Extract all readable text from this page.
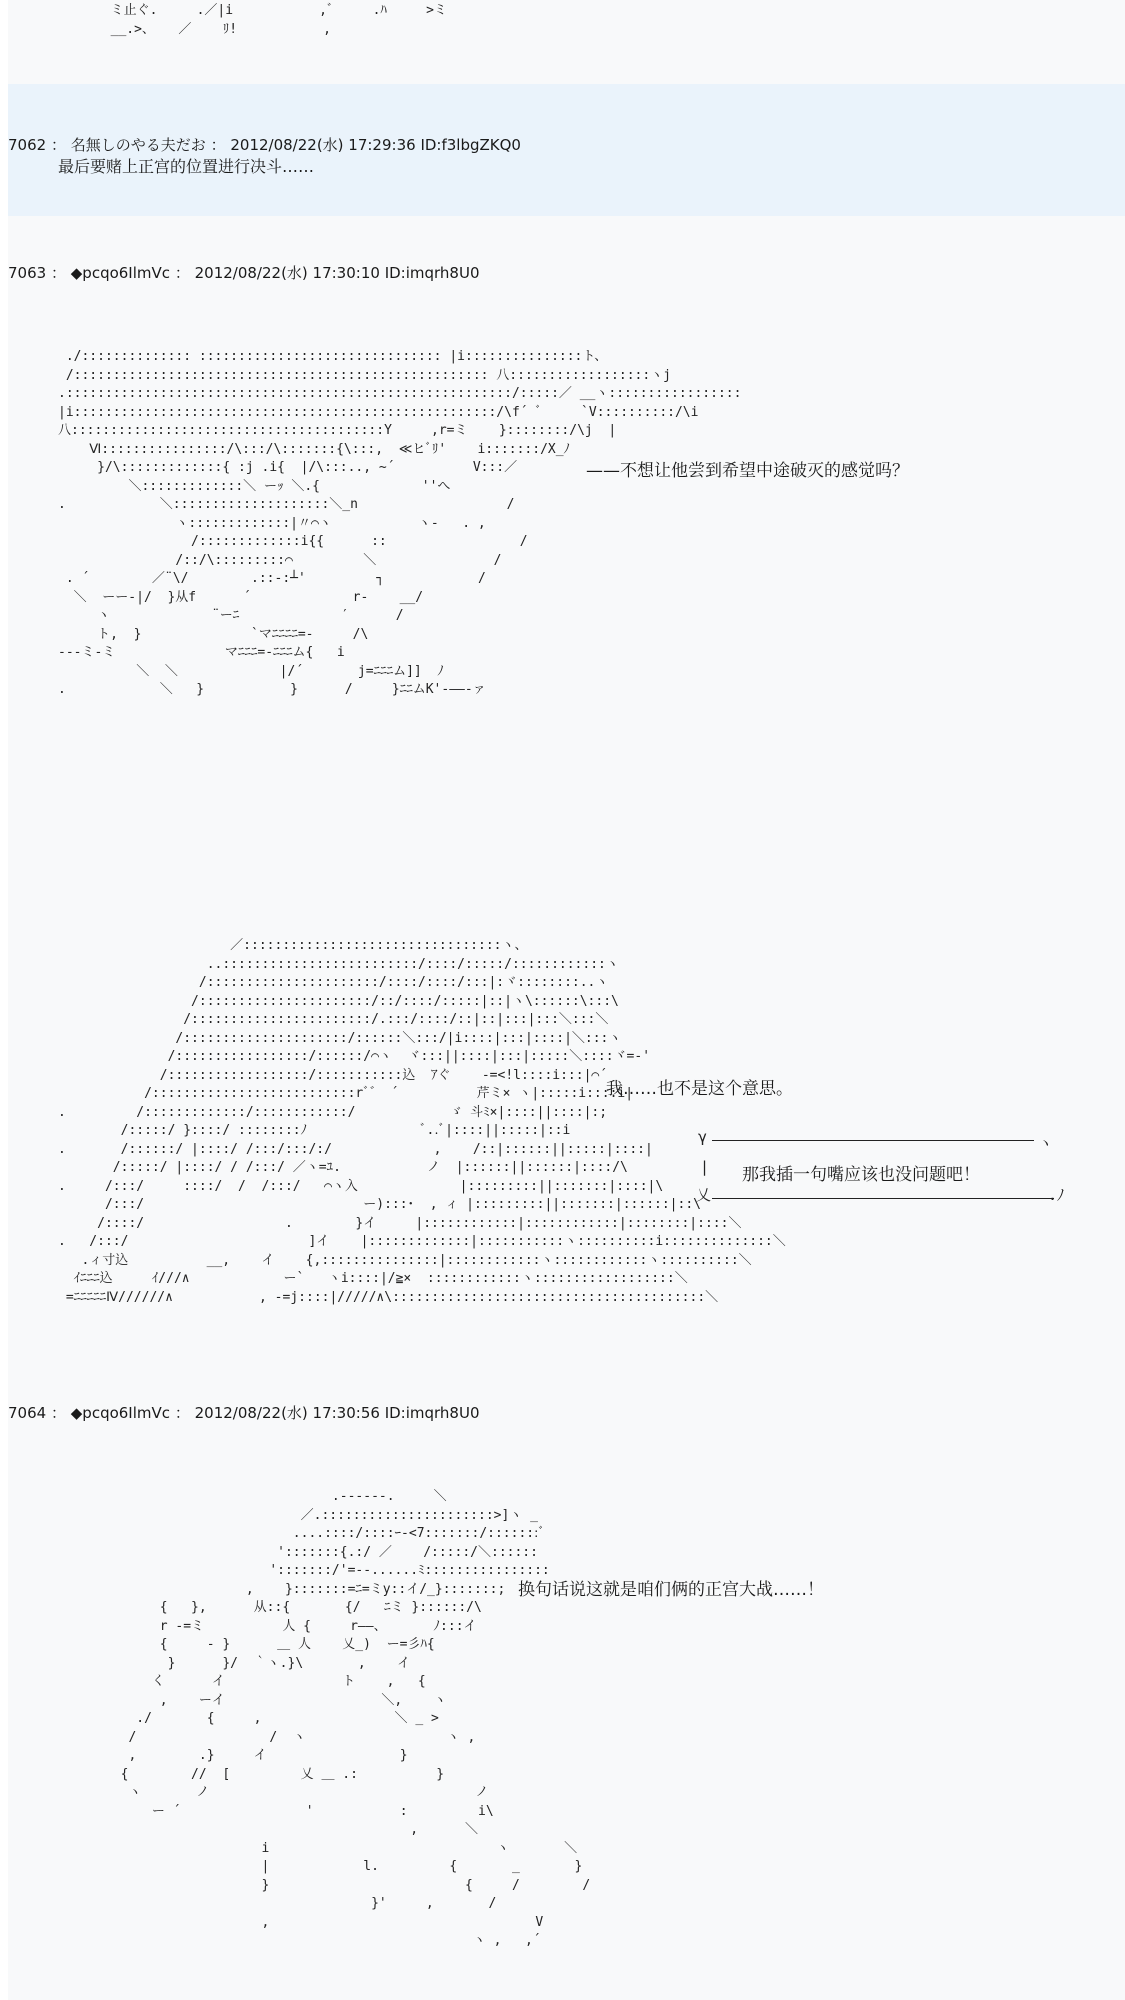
ミ止ぐ.     .／|i           ,ﾞ     .ﾊ     >ミ
__.>、   ／    ﾘ!           ,
7062 ： 名無しのやる夫だお ： 2012/08/22(水) 17:29:36 ID:f3lbgZKQ0
最后要赌上正宫的位置进行决斗……
7063 ： ◆pcqo6IlmVc ： 2012/08/22(水) 17:30:10 ID:imqrh8U0
./:::::::::::::: ::::::::::::::::::::::::::::::: |i:::::::::::::::ト、
/::::::::::::::::::::::::::::::::::::::::::::::::::::: 八::::::::::::::::::ヽj
.:::::::::::::::::::::::::::::::::::::::::::::::::::::::::/:::::／ __ヽ:::::::::::::::::
|i::::::::::::::::::::::::::::::::::::::::::::::::::::::/\f´ ﾞ     `V::::::::::/\i
八::::::::::::::::::::::::::::::::::::::::Y     ,r=ミ    }::::::::/\j  |
Ⅵ::::::::::::::::/\:::/\:::::::{\:::,  ≪ヒﾞﾘ'    i:::::::/X_ﾉ
}/\:::::::::::::{ :j .i{  |/\:::.., ~´          V:::／
＼:::::::::::::＼ ーｯ ＼.{             ''へ
.            ＼::::::::::::::::::::＼_n                   /
ヽ:::::::::::::|〃⌒ヽ           ヽ-   . ,
/:::::::::::::i{{      ::                 /
/::/\:::::::::⌒         ＼               /
. ´        ／¨\/        .::-:┴'         ┐            /
＼  ーー-|/  }从f      ´             r-    __/
ヽ             ¨ーﾆ             ′      /
ト,  }              `マﾆﾆﾆﾆ=-     /\
---ミ-ミ              マﾆﾆﾆ=-ﾆﾆﾆム{   i
＼  ＼             |/´       j=ﾆﾆﾆム]]  ﾉ
.            ＼   }           }      /     }ﾆﾆムK'-――-ァ
——不想让他尝到希望中途破灭的感觉吗？
／:::::::::::::::::::::::::::::::::ヽ、
..:::::::::::::::::::::::::/::::/:::::/::::::::::::ヽ
/::::::::::::::::::::::/::::/::::/:::|:ヾ::::::::..ヽ
/::::::::::::::::::::::/::/::::/:::::|::|ヽ\::::::\:::\
/:::::::::::::::::::::::/.:::/::::/::|::|:::|:::＼:::＼
/:::::::::::::::::::::/::::::＼:::/|i::::|:::|::::|＼:::ヽ
/:::::::::::::::::/::::::/⌒ヽ  ヾ:::||::::|:::|:::::＼::::ヾ=-'
/::::::::::::::::::/:::::::::::込  ｱぐ    -=<!l::::i:::|⌒´
/::::::::::::::::::::::::::rﾞ゛ ´          芹ミ× ヽ|:::::i::::i|
.         /:::::::::::::/::::::::::::/            ゞ 斗ﾐ×|::::||::::|:;
/:::::/ }::::/ ::::::::ﾉ               ﾞ..ﾞ|::::||:::::|::i
.       /::::::/ |::::/ /:::/:::/:/             ,    /::|::::::||:::::|::::|
/:::::/ |::::/ / /:::/ ／ヽ=ﾕ.           ノ  |::::::||::::::|::::/\
.     /:::/     ::::/  /  /:::/   ⌒ヽ入             |:::::::::||:::::::|::::|\
/:::/                            ー):::･  , ィ |:::::::::||:::::::|::::::|::\
/::::/                  .        }イ     |::::::::::::|::::::::::::|::::::::|::::＼
.   /:::/                       ]イ    |:::::::::::::|:::::::::::ヽ::::::::::i::::::::::::::＼
.ィ寸込          __,    イ    {,:::::::::::::::|::::::::::::ヽ::::::::::::ヽ::::::::::＼
ｲﾆﾆﾆ込     ｲ///∧            ー`   ヽi::::|/≧×  ::::::::::::ヽ::::::::::::::::::＼
=ﾆﾆﾆﾆﾆⅣ//////∧           , -=j::::|/////∧\::::::::::::::::::::::::::::::::::::::::＼
我……也不是这个意思。
γ
|
乂
ヽ
.ﾉ
那我插一句嘴应该也没问题吧！
7064 ： ◆pcqo6IlmVc ： 2012/08/22(水) 17:30:56 ID:imqrh8U0
.-‐‐‐‐-.     ＼
／.::::::::::::::::::::::>]ヽ _
....::::/::::ｰ-<7:::::::/:::::::ﾞ
':::::::{.:/ ／    /:::::/＼::::::
':::::::/'=--......ﾐ::::::::::::::::
,    }:::::::=ﾆ=ミy::イ/_}:::::::;
{   },      从::{       {/   ﾆミ }::::::/\
r -=ミ          人 {     r――、      ﾉ:::イ
{     - }      ＿ 人    乂_)  ー=彡ﾊ{
}      }/  ｀ヽ.}\       ,    イ
く      イ               ト    ,   {
,    ーイ                    ＼,    ヽ
./       {     ,                 ＼ _ >
/                 /  ヽ                  ヽ ,
,        .}     イ                 }
{        //  [         乂 ＿ .:          }
ヽ       ノ                                  ノ
ー ´                '           :         i\
,      ＼
i                             ヽ       ＼
|            l.         {       _       }
}                         {     /        /
}'     ,       /
,                                  V
ヽ ,   ,´
换句话说这就是咱们俩的正宫大战……！
